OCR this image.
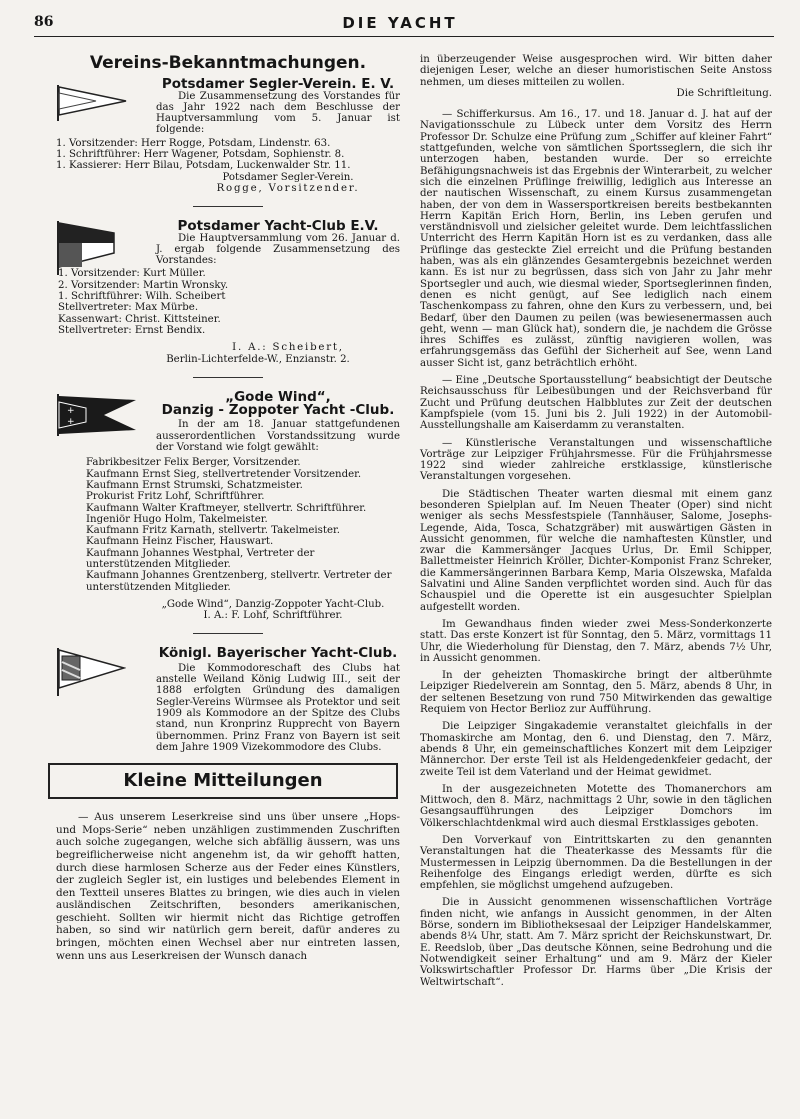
86	DIE YACHT
Vereins-Bekanntmachungen.
Potsdamer Segler-Verein. E. V.

Die Zusammensetzung des Vorstandes für das Jahr 1922 nach dem Beschlusse der Hauptversammlung vom 5. Januar ist folgende:

1. Vorsitzender: Herr Rogge, Potsdam, Lindenstr. 63.
1. Schriftführer: Herr Wagener, Potsdam, Sophienstr. 8.
1. Kassierer: Herr Bilau, Potsdam, Luckenwalder Str. 11.
Potsdamer Segler-Verein.
Rogge, Vorsitzender.
Potsdamer Yacht-Club E.V.

Die Hauptversammlung vom 26. Januar d. J. ergab folgende Zusammensetzung des Vorstandes:

1. Vorsitzender: Kurt Müller.
2. Vorsitzender: Martin Wronsky.
1. Schriftführer: Wilh. Scheibert
Stellvertreter: Max Mürbe.
Kassenwart: Christ. Kittsteiner.
Stellvertreter: Ernst Bendix.
I. A.: Scheibert,
Berlin-Lichterfelde-W., Enzianstr. 2.
+
+
„Gode Wind“,
Danzig - Zoppoter Yacht -Club.

In der am 18. Januar stattgefundenen ausserordentlichen Vorstandssitzung wurde der Vorstand wie folgt gewählt:

Fabrikbesitzer Felix Berger, Vorsitzender.
Kaufmann Ernst Sieg, stellvertretender Vorsitzender.
Kaufmann Ernst Strumski, Schatzmeister.
Prokurist Fritz Lohf, Schriftführer.
Kaufmann Walter Kraftmeyer, stellvertr. Schriftführer.
Ingeniör Hugo Holm, Takelmeister.
Kaufmann Fritz Karnath, stellvertr. Takelmeister.
Kaufmann Heinz Fischer, Hauswart.
Kaufmann Johannes Westphal, Vertreter der unterstützenden Mitglieder.
Kaufmann Johannes Grentzenberg, stellvertr. Vertreter der unterstützenden Mitglieder.
„Gode Wind“, Danzig-Zoppoter Yacht-Club.
I. A.: F. Lohf, Schriftführer.
Königl. Bayerischer Yacht-Club.

Die Kommodoreschaft des Clubs hat anstelle Weiland König Ludwig III., seit der 1888 erfolgten Gründung des damaligen Segler-Vereins Würmsee als Protektor und seit 1909 als Kommodore an der Spitze des Clubs stand, nun Kronprinz Rupprecht von Bayern übernommen. Prinz Franz von Bayern ist seit dem Jahre 1909 Vizekommodore des Clubs.

Kleine Mitteilungen

— Aus unserem Leserkreise sind uns über unsere „Hops- und Mops-Serie“ neben unzähligen zustimmenden Zuschriften auch solche zugegangen, welche sich abfällig äussern, was uns begreiflicherweise nicht angenehm ist, da wir gehofft hatten, durch diese harmlosen Scherze aus der Feder eines Künstlers, der zugleich Segler ist, ein lustiges und belebendes Element in den Textteil unseres Blattes zu bringen, wie dies auch in vielen ausländischen Zeitschriften, besonders amerikanischen, geschieht. Sollten wir hiermit nicht das Richtige getroffen haben, so sind wir natürlich gern bereit, dafür anderes zu bringen, möchten einen Wechsel aber nur eintreten lassen, wenn uns aus Leserkreisen der Wunsch danach

in überzeugender Weise ausgesprochen wird. Wir bitten daher diejenigen Leser, welche an dieser humoristischen Seite Anstoss nehmen, um dieses mitteilen zu wollen.

Die Schriftleitung.

— Schifferkursus. Am 16., 17. und 18. Januar d. J. hat auf der Navigationsschule zu Lübeck unter dem Vorsitz des Herrn Professor Dr. Schulze eine Prüfung zum „Schiffer auf kleiner Fahrt“ stattgefunden, welche von sämtlichen Sportsseglern, die sich ihr unterzogen haben, bestanden wurde. Der so erreichte Befähigungsnachweis ist das Ergebnis der Winterarbeit, zu welcher sich die einzelnen Prüflinge freiwillig, lediglich aus Interesse an der nautischen Wissenschaft, zu einem Kursus zusammengetan haben, der von dem in Wassersportkreisen bereits bestbekannten Herrn Kapitän Erich Horn, Berlin, ins Leben gerufen und verständnisvoll und zielsicher geleitet wurde. Dem leichtfasslichen Unterricht des Herrn Kapitän Horn ist es zu verdanken, dass alle Prüflinge das gesteckte Ziel erreicht und die Prüfung bestanden haben, was als ein glänzendes Gesamtergebnis bezeichnet werden kann. Es ist nur zu begrüssen, dass sich von Jahr zu Jahr mehr Sportsegler und auch, wie diesmal wieder, Sportseglerinnen finden, denen es nicht genügt, auf See lediglich nach einem Taschenkompass zu fahren, ohne den Kurs zu verbessern, und, bei Bedarf, über den Daumen zu peilen (was bewiesenermassen auch geht, wenn — man Glück hat), sondern die, je nachdem die Grösse ihres Schiffes es zulässt, zünftig navigieren wollen, was erfahrungsgemäss das Gefühl der Sicherheit auf See, wenn Land ausser Sicht ist, ganz beträchtlich erhöht.

— Eine „Deutsche Sportausstellung“ beabsichtigt der Deutsche Reichsausschuss für Leibesübungen und der Reichsverband für Zucht und Prüfung deutschen Halbblutes zur Zeit der deutschen Kampfspiele (vom 15. Juni bis 2. Juli 1922) in der Automobil-Ausstellungshalle am Kaiserdamm zu veranstalten.

— Künstlerische Veranstaltungen und wissenschaftliche Vorträge zur Leipziger Frühjahrsmesse. Für die Frühjahrsmesse 1922 sind wieder zahlreiche erstklassige, künstlerische Veranstaltungen vorgesehen.

Die Städtischen Theater warten diesmal mit einem ganz besonderen Spielplan auf. Im Neuen Theater (Oper) sind nicht weniger als sechs Messfestspiele (Tannhäuser, Salome, Josephs-Legende, Aida, Tosca, Schatzgräber) mit auswärtigen Gästen in Aussicht genommen, für welche die namhaftesten Künstler, und zwar die Kammersänger Jacques Urlus, Dr. Emil Schipper, Ballettmeister Heinrich Kröller, Dichter-Komponist Franz Schreker, die Kammersängerinnen Barbara Kemp, Maria Olszewska, Mafalda Salvatini und Aline Sanden verpflichtet worden sind. Auch für das Schauspiel und die Operette ist ein ausgesuchter Spielplan aufgestellt worden.

Im Gewandhaus finden wieder zwei Mess-Sonderkonzerte statt. Das erste Konzert ist für Sonntag, den 5. März, vormittags 11 Uhr, die Wiederholung für Dienstag, den 7. März, abends 7½ Uhr, in Aussicht genommen.

In der geheizten Thomaskirche bringt der altberühmte Leipziger Riedelverein am Sonntag, den 5. März, abends 8 Uhr, in der seltenen Besetzung von rund 750 Mitwirkenden das gewaltige Requiem von Hector Berlioz zur Aufführung.

Die Leipziger Singakademie veranstaltet gleichfalls in der Thomaskirche am Montag, den 6. und Dienstag, den 7. März, abends 8 Uhr, ein gemeinschaftliches Konzert mit dem Leipziger Männerchor. Der erste Teil ist als Heldengedenkfeier gedacht, der zweite Teil ist dem Vaterland und der Heimat gewidmet.

In der ausgezeichneten Motette des Thomanerchors am Mittwoch, den 8. März, nachmittags 2 Uhr, sowie in den täglichen Gesangsaufführungen des Leipziger Domchors im Völkerschlachtdenkmal wird auch diesmal Erstklassiges geboten.

Den Vorverkauf von Eintrittskarten zu den genannten Veranstaltungen hat die Theaterkasse des Messamts für die Mustermessen in Leipzig übernommen. Da die Bestellungen in der Reihenfolge des Eingangs erledigt werden, dürfte es sich empfehlen, sie möglichst umgehend aufzugeben.

Die in Aussicht genommenen wissenschaftlichen Vorträge finden nicht, wie anfangs in Aussicht genommen, in der Alten Börse, sondern im Bibliotheksesaal der Leipziger Handelskammer, abends 8¼ Uhr, statt. Am 7. März spricht der Reichskunstwart, Dr. E. Reedslob, über „Das deutsche Können, seine Bedrohung und die Notwendigkeit seiner Erhaltung“ und am 9. März der Kieler Volkswirtschaftler Professor Dr. Harms über „Die Krisis der Weltwirtschaft“.
